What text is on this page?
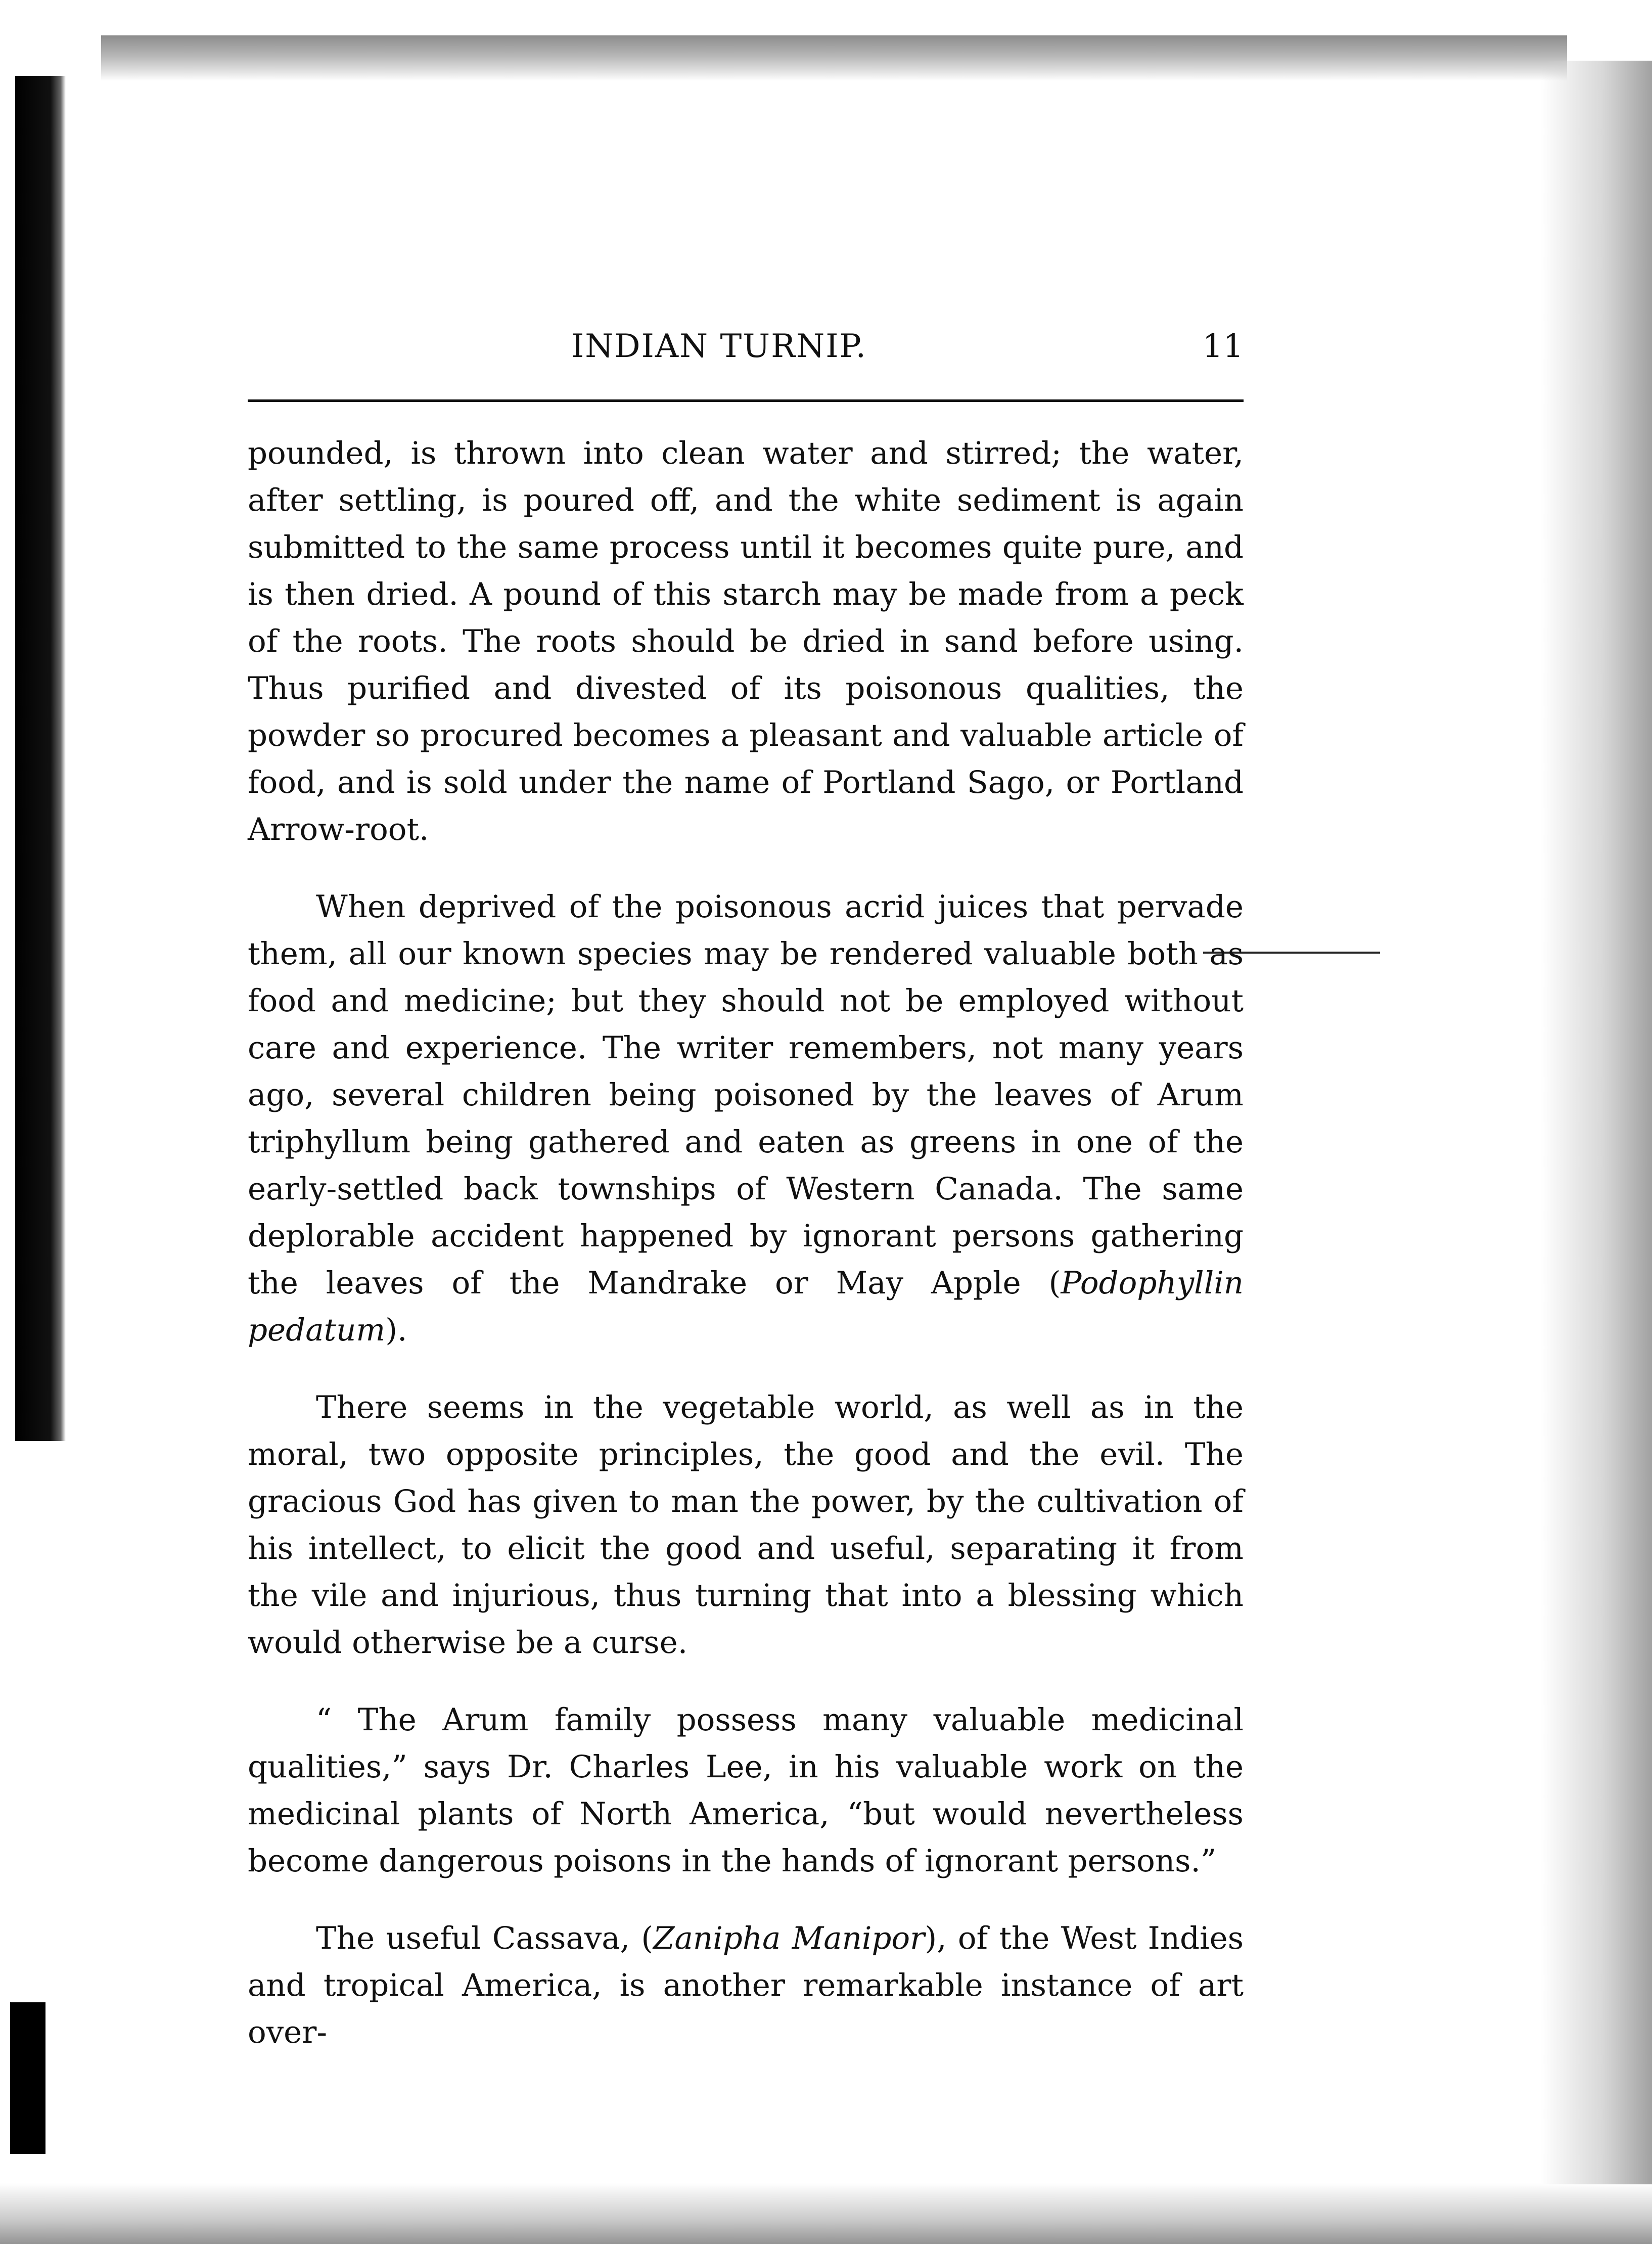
INDIAN TURNIP.	11

pounded, is thrown into clean water and stirred; the water, after settling, is poured off, and the white sediment is again submitted to the same process until it becomes quite pure, and is then dried. A pound of this starch may be made from a peck of the roots. The roots should be dried in sand before using. Thus purified and divested of its poisonous qualities, the powder so procured becomes a pleasant and valuable article of food, and is sold under the name of Portland Sago, or Portland Arrow-root.

When deprived of the poisonous acrid juices that pervade them, all our known species may be rendered valuable both as food and medicine; but they should not be employed without care and experience. The writer remembers, not many years ago, several children being poisoned by the leaves of Arum triphyllum being gathered and eaten as greens in one of the early-settled back townships of Western Canada. The same deplorable accident happened by ignorant persons gathering the leaves of the Mandrake or May Apple (Podophyllin pedatum).

There seems in the vegetable world, as well as in the moral, two opposite principles, the good and the evil. The gracious God has given to man the power, by the cultivation of his intellect, to elicit the good and useful, separating it from the vile and injurious, thus turning that into a blessing which would otherwise be a curse.

“ The Arum family possess many valuable medicinal qualities,” says Dr. Charles Lee, in his valuable work on the medicinal plants of North America, “but would nevertheless become dangerous poisons in the hands of ignorant persons.”

The useful Cassava, (Zanipha Manipor), of the West Indies and tropical America, is another remarkable instance of art over-
